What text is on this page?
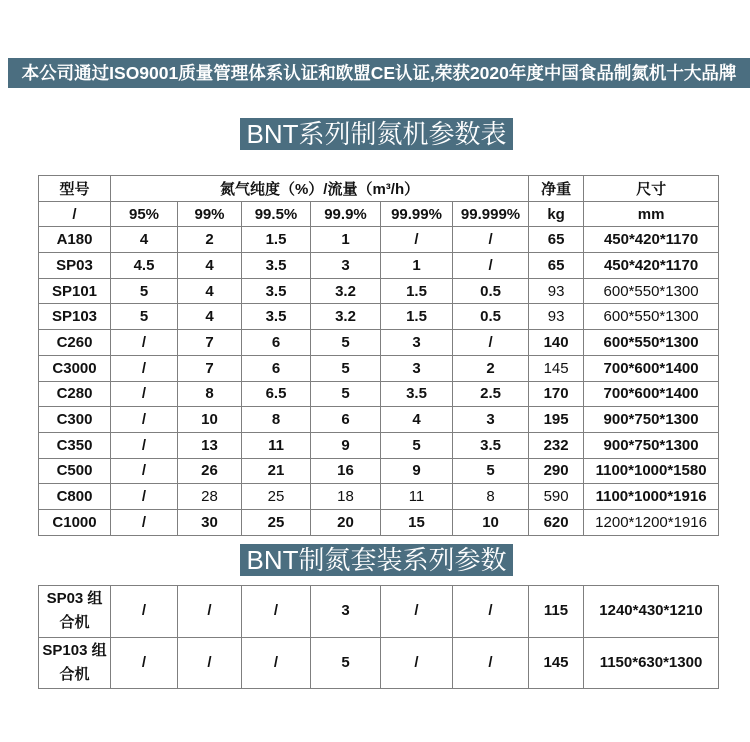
本公司通过ISO9001质量管理体系认证和欧盟CE认证,荣获2020年度中国食品制氮机十大品牌
BNT系列制氮机参数表
型号	氮气纯度（%）/流量（m³/h）						净重	尺寸
/	95%	99%	99.5%	99.9%	99.99%	99.999%	kg	mm
A180	4	2	1.5	1	/	/	65	450*420*1170
SP03	4.5	4	3.5	3	1	/	65	450*420*1170
SP101	5	4	3.5	3.2	1.5	0.5	93	600*550*1300
SP103	5	4	3.5	3.2	1.5	0.5	93	600*550*1300
C260	/	7	6	5	3	/	140	600*550*1300
C3000	/	7	6	5	3	2	145	700*600*1400
C280	/	8	6.5	5	3.5	2.5	170	700*600*1400
C300	/	10	8	6	4	3	195	900*750*1300
C350	/	13	11	9	5	3.5	232	900*750*1300
C500	/	26	21	16	9	5	290	1100*1000*1580
C800	/	28	25	18	11	8	590	1100*1000*1916
C1000	/	30	25	20	15	10	620	1200*1200*1916
BNT制氮套装系列参数
SP03 组合机	/	/	/	3	/	/	115	1240*430*1210
SP103 组合机	/	/	/	5	/	/	145	1150*630*1300
